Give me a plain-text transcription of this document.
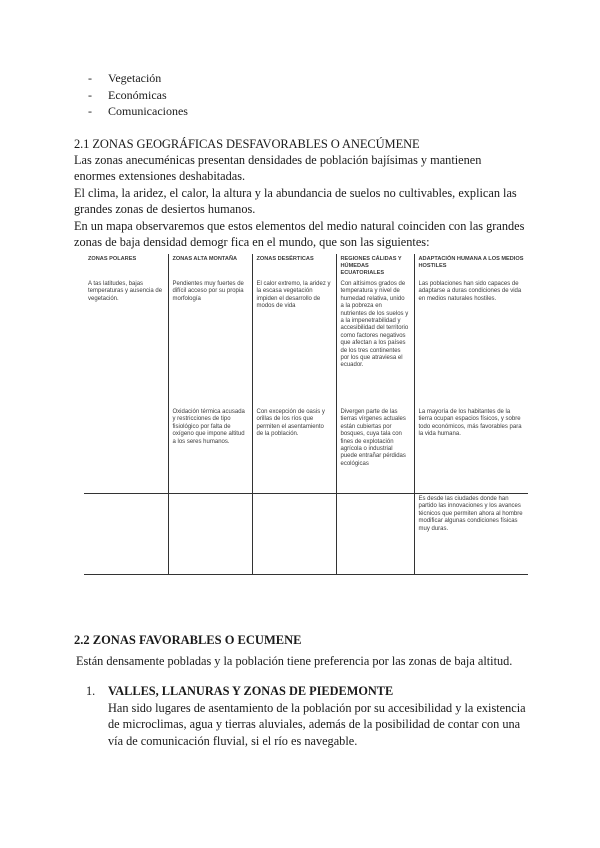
-	Vegetación
-	Económicas
-	Comunicaciones
2.1 ZONAS GEOGRÁFICAS DESFAVORABLES O ANECÚMENE

Las zonas anecuménicas presentan densidades de población bajísimas y mantienen enormes extensiones deshabitadas.

El clima, la aridez, el calor, la altura y la abundancia de suelos no cultivables, explican las grandes zonas de desiertos humanos.

En un mapa observaremos que estos elementos del medio natural coinciden con las grandes zonas de baja densidad demogr fica en el mundo, que son las siguientes:

ZONAS POLARES	ZONAS ALTA MONTAÑA	ZONAS DESÉRTICAS	REGIONES CÁLIDAS Y HÚMEDAS ECUATORIALES	ADAPTACIÓN HUMANA A LOS MEDIOS HOSTILES
A tas latitudes, bajas temperaturas y ausencia de vegetación.	Pendientes muy fuertes de difícil acceso por su propia morfología	El calor extremo, la aridez y la escasa vegetación impiden el desarrollo de modos de vida	Con altísimos grados de temperatura y nivel de humedad relativa, unido a la pobreza en nutrientes de los suelos y a la impenetrabilidad y accesibilidad del territorio como factores negativos que afectan a los países de los tres continentes por los que atraviesa el ecuador.	Las poblaciones han sido capaces de adaptarse a duras condiciones de vida en medios naturales hostiles.
	Oxidación térmica acusada y restricciones de tipo fisiológico por falta de oxígeno que impone altitud a los seres humanos.	Con excepción de oasis y orillas de los ríos que permiten el asentamiento de la población.	Divergen parte de las tierras vírgenes actuales están cubiertas por bosques, cuya tala con fines de explotación agrícola o industrial puede entrañar pérdidas ecológicas	La mayoría de los habitantes de la tierra ocupan espacios físicos, y sobre todo económicos, más favorables para la vida humana.
				Es desde las ciudades donde han partido las innovaciones y los avances técnicos que permiten ahora al hombre modificar algunas condiciones físicas muy duras.
2.2 ZONAS FAVORABLES O ECUMENE
Están densamente pobladas y la población tiene preferencia por las zonas de baja altitud.
1. VALLES, LLANURAS Y ZONAS DE PIEDEMONTE
Han sido lugares de asentamiento de la población por su accesibilidad y la existencia de microclimas, agua y tierras aluviales, además de la posibilidad de contar con una vía de comunicación fluvial, si el río es navegable.
